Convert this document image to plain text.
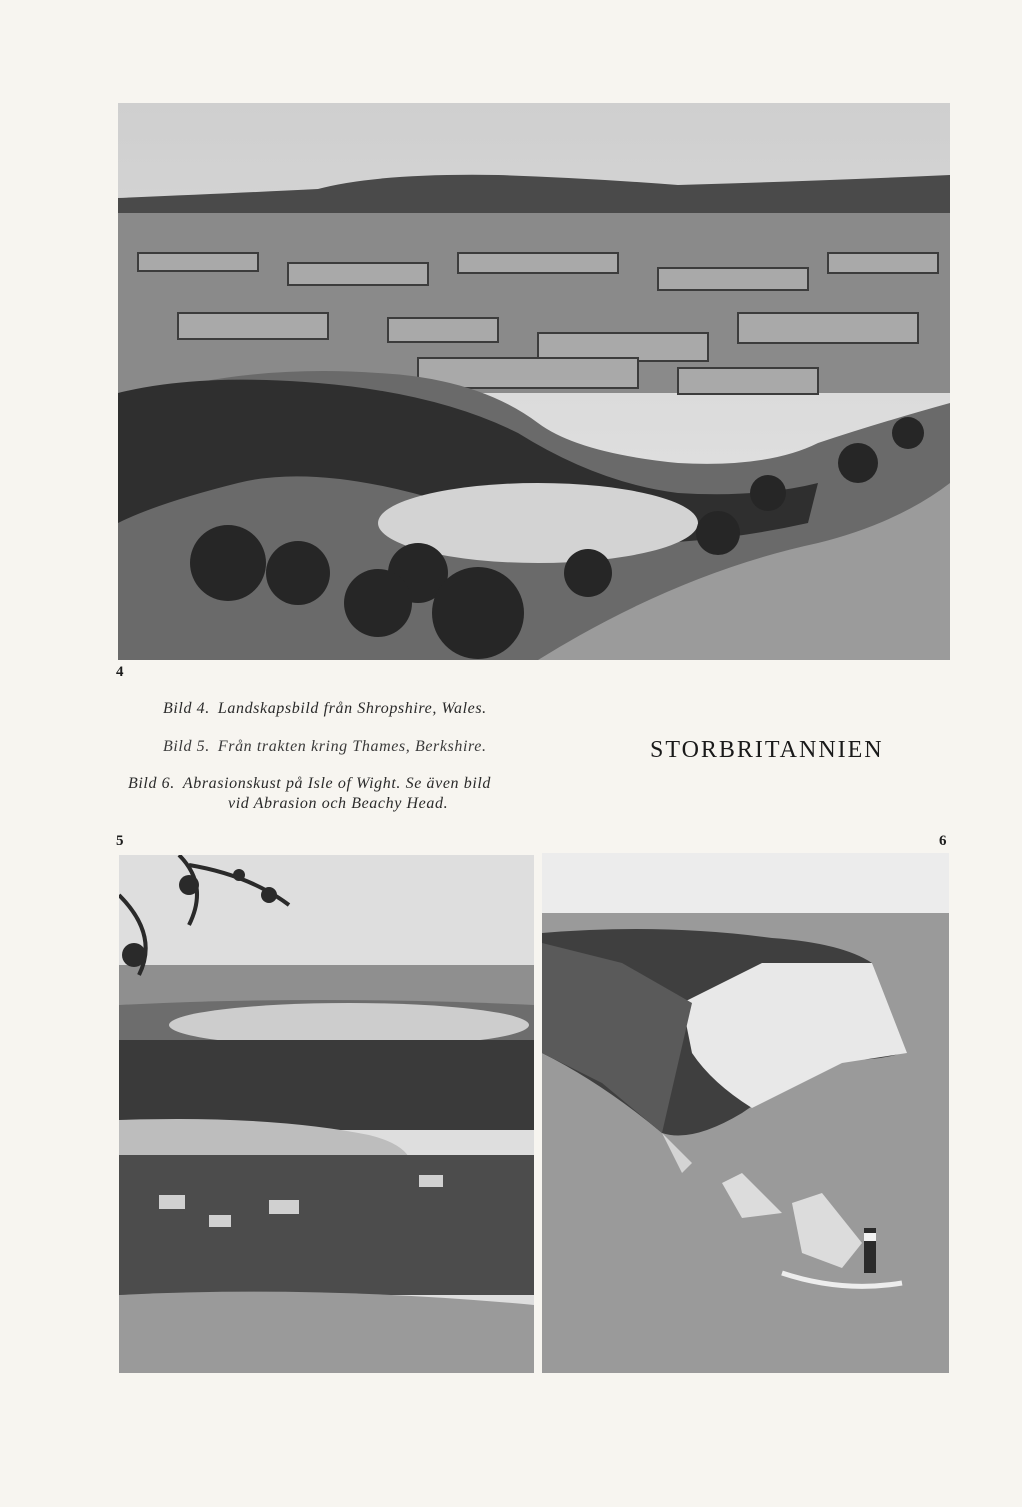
4
Bild 4. Landskapsbild från Shropshire, Wales.
Bild 5. Från trakten kring Thames, Berkshire.
Bild 6. Abrasionskust på Isle of Wight. Se även bild
vid Abrasion och Beachy Head.
STORBRITANNIEN
5	6
